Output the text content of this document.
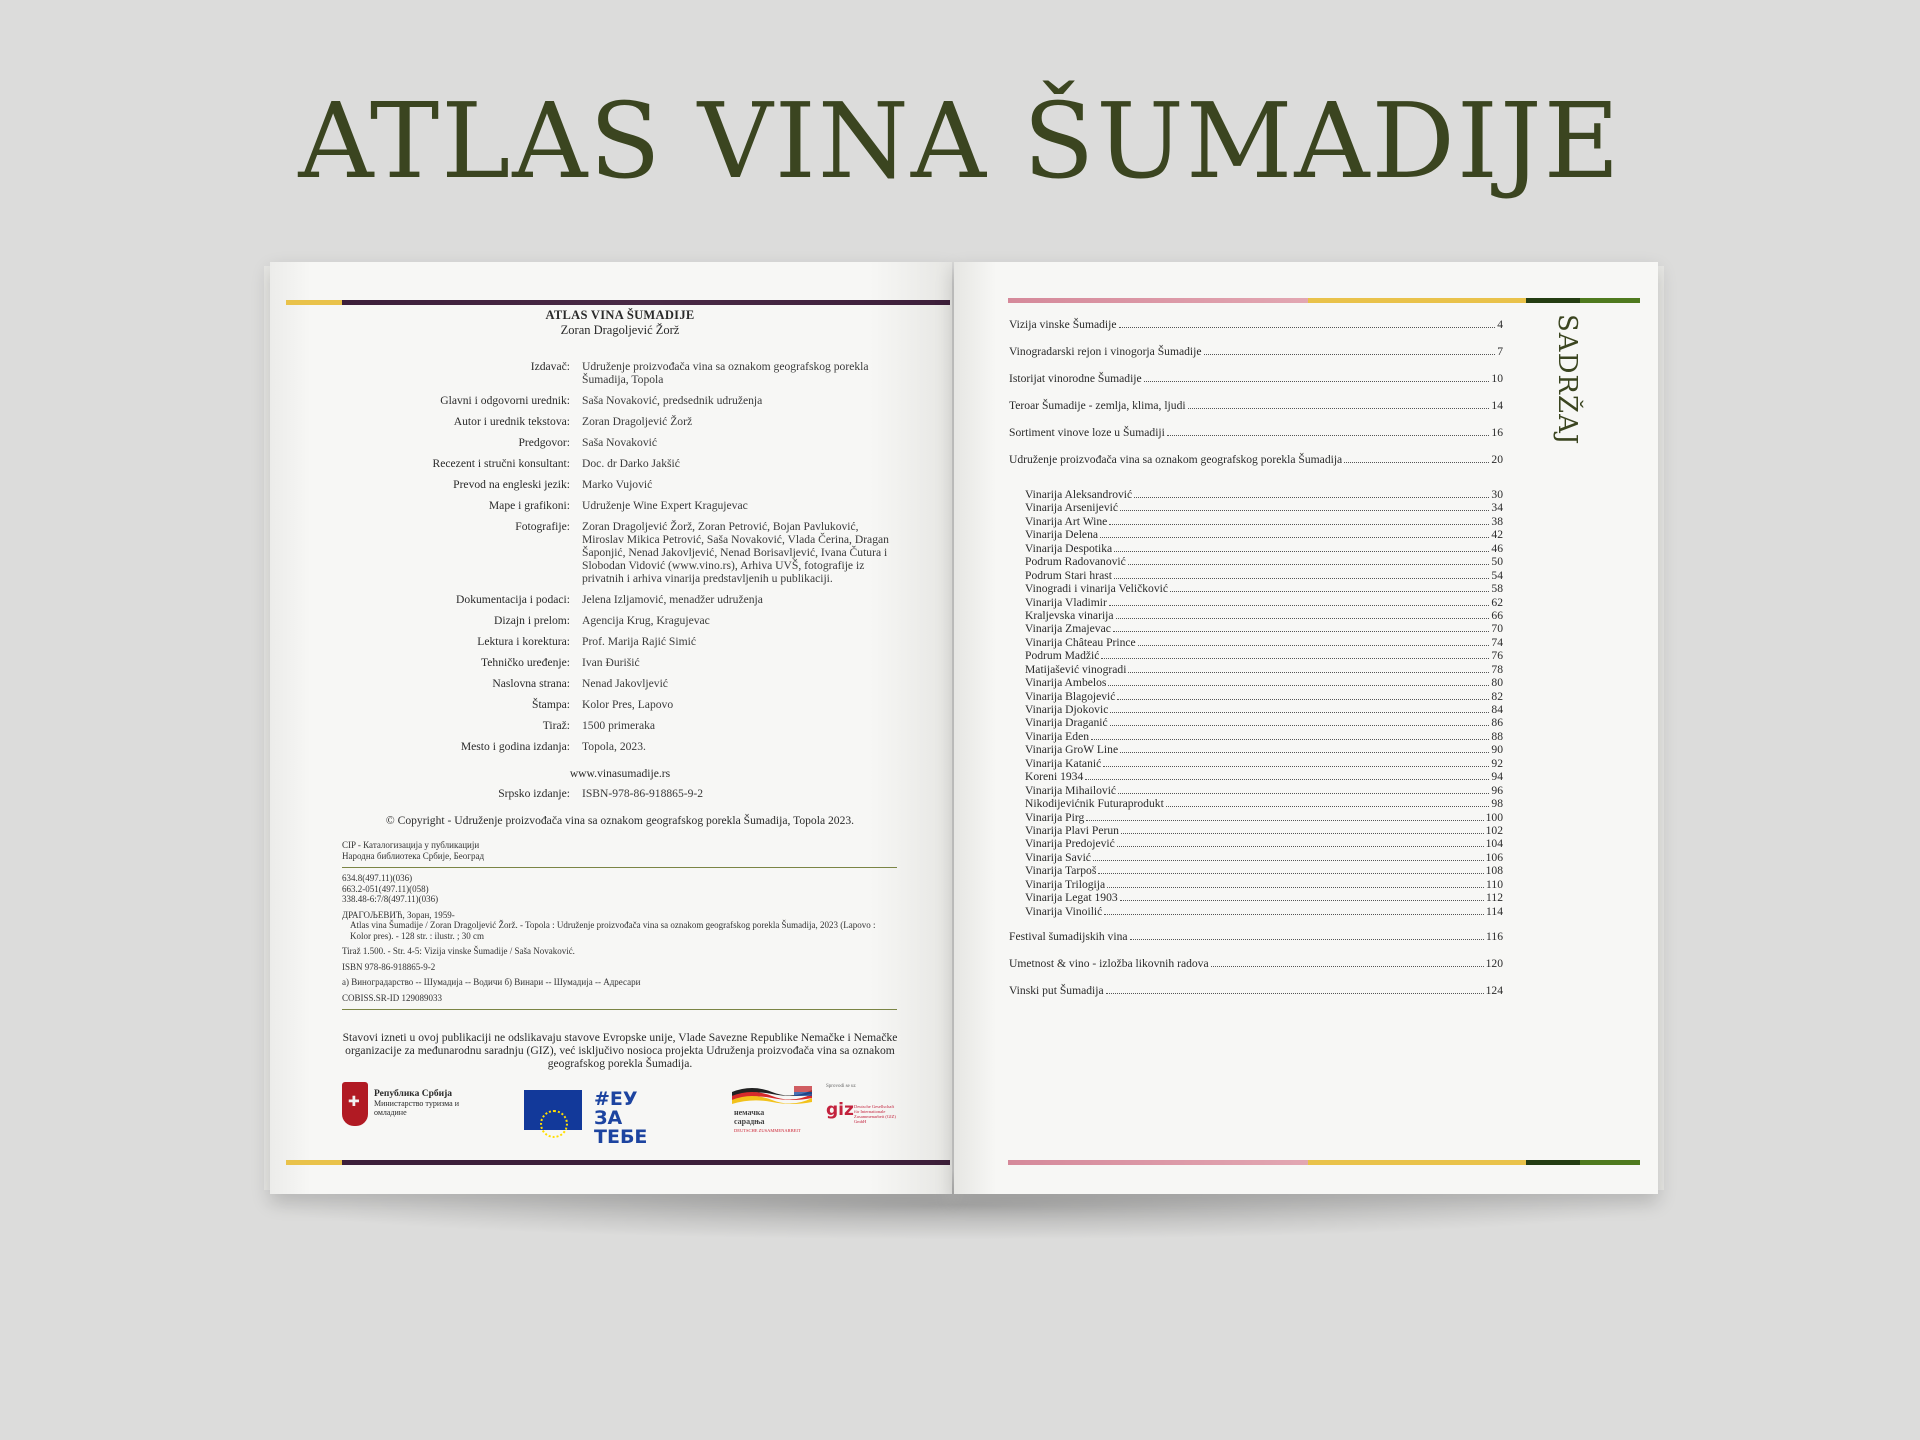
ATLAS VINA ŠUMADIJE
ATLAS VINA ŠUMADIJE
Zoran Dragoljević Žorž
Izdavač: Udruženje proizvođača vina sa oznakom geografskog porekla Šumadija, Topola
Glavni i odgovorni urednik: Saša Novaković, predsednik udruženja
Autor i urednik tekstova: Zoran Dragoljević Žorž
Predgovor: Saša Novaković
Recezent i stručni konsultant: Doc. dr Darko Jakšić
Prevod na engleski jezik: Marko Vujović
Mape i grafikoni: Udruženje Wine Expert Kragujevac
Fotografije: Zoran Dragoljević Žorž, Zoran Petrović, Bojan Pavluković, Miroslav Mikica Petrović, Saša Novaković, Vlada Čerina, Dragan Šaponjić, Nenad Jakovljević, Nenad Borisavljević, Ivana Čutura i Slobodan Vidović (www.vino.rs), Arhiva UVŠ, fotografije iz privatnih i arhiva vinarija predstavljenih u publikaciji.
Dokumentacija i podaci: Jelena Izljamović, menadžer udruženja
Dizajn i prelom: Agencija Krug, Kragujevac
Lektura i korektura: Prof. Marija Rajić Simić
Tehničko uređenje: Ivan Đurišić
Naslovna strana: Nenad Jakovljević
Štampa: Kolor Pres, Lapovo
Tiraž: 1500 primeraka
Mesto i godina izdanja: Topola, 2023.
www.vinasumadije.rs
Srpsko izdanje: ISBN-978-86-918865-9-2
© Copyright - Udruženje proizvođača vina sa oznakom geografskog porekla Šumadija, Topola 2023.
CIP - Каталогизација у публикацији
Народна библиотека Србије, Београд
634.8(497.11)(036)
663.2-051(497.11)(058)
338.48-6:7/8(497.11)(036)
ДРАГОЉЕВИЋ, Зоран, 1959-
Atlas vina Šumadije / Zoran Dragoljević Žorž. - Topola : Udruženje proizvođača vina sa oznakom geografskog porekla Šumadija, 2023 (Lapovo : Kolor pres). - 128 str. : ilustr. ; 30 cm
Tiraž 1.500. - Str. 4-5: Vizija vinske Šumadije / Saša Novaković.
ISBN 978-86-918865-9-2
а) Виноградарство -- Шумадија -- Водичи б) Винари -- Шумадија -- Адресари
COBISS.SR-ID 129089033
Stavovi izneti u ovoj publikaciji ne odslikavaju stavove Evropske unije, Vlade Savezne Republike Nemačke i Nemačke organizacije za međunarodnu saradnju (GIZ), već isključivo nosioca projekta Udruženja proizvođača vina sa oznakom geografskog porekla Šumadija.
✚
Република Србија
Министарство туризма и омладине
#ЕУ
ЗА ТЕБЕ
немачка
сарадња
DEUTSCHE ZUSAMMENARBEIT
Sprovodi se uz
giz Deutsche Gesellschaft für Internationale Zusammenarbeit (GIZ) GmbH
SADRŽAJ
Vizija vinske Šumadije	4
Vinogradarski rejon i vinogorja Šumadije	7
Istorijat vinorodne Šumadije	10
Teroar Šumadije - zemlja, klima, ljudi	14
Sortiment vinove loze u Šumadiji	16
Udruženje proizvođača vina sa oznakom geografskog porekla Šumadija	20
Vinarija Aleksandrović	30
Vinarija Arsenijević	34
Vinarija Art Wine	38
Vinarija Delena	42
Vinarija Despotika	46
Podrum Radovanović	50
Podrum Stari hrast	54
Vinogradi i vinarija Veličković	58
Vinarija Vladimir	62
Kraljevska vinarija	66
Vinarija Zmajevac	70
Vinarija Château Prince	74
Podrum Madžić	76
Matijašević vinogradi	78
Vinarija Ambelos	80
Vinarija Blagojević	82
Vinarija Djokovic	84
Vinarija Draganić	86
Vinarija Eden	88
Vinarija GroW Line	90
Vinarija Katanić	92
Koreni 1934	94
Vinarija Mihailović	96
Nikodijevićnik Futuraprodukt	98
Vinarija Pirg	100
Vinarija Plavi Perun	102
Vinarija Predojević	104
Vinarija Savić	106
Vinarija Tarpoš	108
Vinarija Trilogija	110
Vinarija Legat 1903	112
Vinarija Vinoilić	114
Festival šumadijskih vina	116
Umetnost & vino - izložba likovnih radova	120
Vinski put Šumadija	124
